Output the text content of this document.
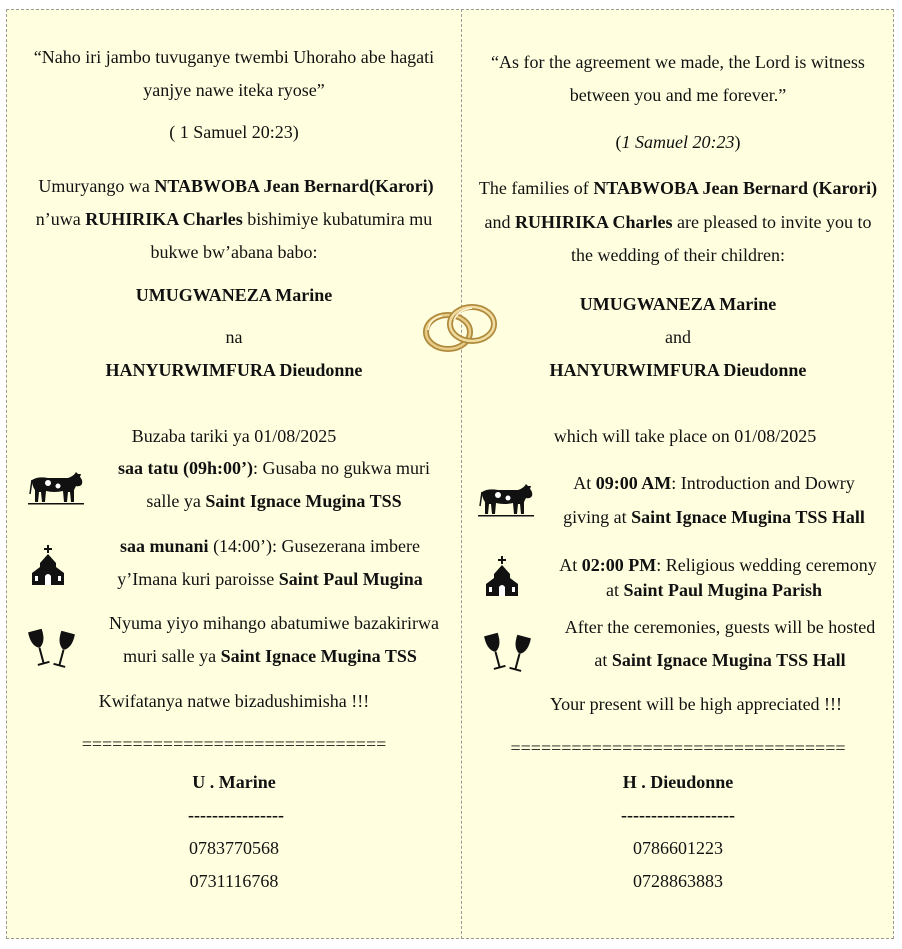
“Naho iri jambo tuvuganye twembi Uhoraho abe hagati
yanjye nawe iteka ryose”
( 1 Samuel 20:23)
Umuryango wa NTABWOBA Jean Bernard(Karori)
n’uwa RUHIRIKA Charles bishimiye kubatumira mu
bukwe bw’abana babo:
UMUGWANEZA Marine
na
HANYURWIMFURA Dieudonne
Buzaba tariki ya 01/08/2025
saa tatu (09h:00’): Gusaba no gukwa muri
salle ya Saint Ignace Mugina TSS
saa munani (14:00’): Gusezerana imbere
y’Imana kuri paroisse Saint Paul Mugina
Nyuma yiyo mihango abatumiwe bazakirirwa
muri salle ya Saint Ignace Mugina TSS
Kwifatanya natwe bizadushimisha !!!
==============================
U . Marine
----------------
0783770568
0731116768
“As for the agreement we made, the Lord is witness
between you and me forever.”
(1 Samuel 20:23)
The families of NTABWOBA Jean Bernard (Karori)
and RUHIRIKA Charles are pleased to invite you to
the wedding of their children:
UMUGWANEZA Marine
and
HANYURWIMFURA Dieudonne
which will take place on 01/08/2025
At 09:00 AM: Introduction and Dowry
giving at Saint Ignace Mugina TSS Hall
At 02:00 PM: Religious wedding ceremony
at Saint Paul Mugina Parish
After the ceremonies, guests will be hosted
at Saint Ignace Mugina TSS Hall
Your present will be high appreciated !!!
=================================
H . Dieudonne
-------------------
0786601223
0728863883
